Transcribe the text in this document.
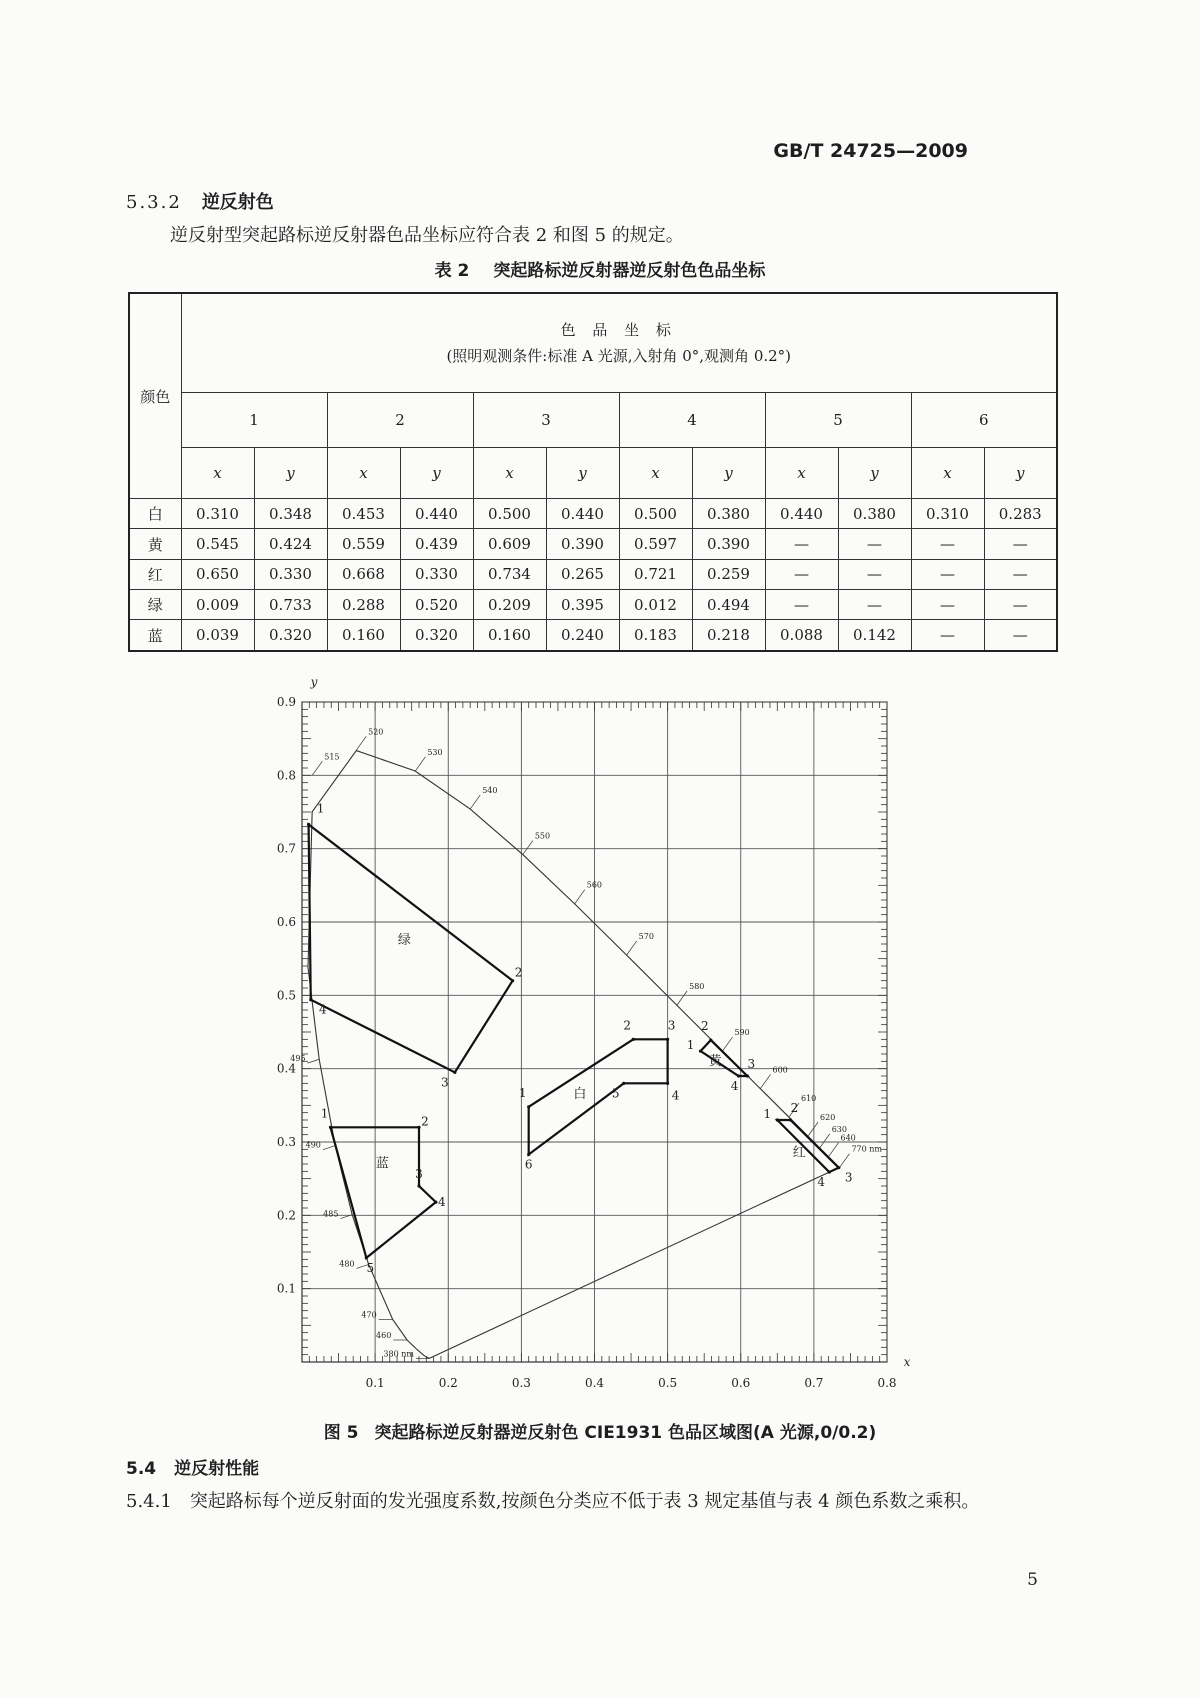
GB/T 24725—2009
5.3.2 逆反射色
逆反射型突起路标逆反射器色品坐标应符合表 2 和图 5 的规定。
表 2 突起路标逆反射器逆反射色色品坐标
颜色	色 品 坐 标
(照明观测条件:标准 A 光源,入射角 0°,观测角 0.2°)											

	1		2		3		4		5		6	
	x	y	x	y	x	y	x	y	x	y	x	y
白	0.310	0.348	0.453	0.440	0.500	0.440	0.500	0.380	0.440	0.380	0.310	0.283
黄	0.545	0.424	0.559	0.439	0.609	0.390	0.597	0.390	—	—	—	—
红	0.650	0.330	0.668	0.330	0.734	0.265	0.721	0.259	—	—	—	—
绿	0.009	0.733	0.288	0.520	0.209	0.395	0.012	0.494	—	—	—	—
蓝	0.039	0.320	0.160	0.320	0.160	0.240	0.183	0.218	0.088	0.142	—	—
0.1	0.2	0.3	0.4	0.5	0.6	0.7	0.8
0.1
0.2
0.3
0.4
0.5
0.6
0.7
0.8
0.9
x
y
380 nm
460
470
480
485
490
495
515
520
530
540
550
560
570
580
590
600
610
620
630
640
770 nm
1
2	3
4
5
6
白
1
2
3
4
黄
1 2
3
4
红
1
2
3
4
绿
1
2
3
4
5
蓝
图 5 突起路标逆反射器逆反射色 CIE1931 色品区域图(A 光源,0/0.2)
5.4 逆反射性能
5.4.1 突起路标每个逆反射面的发光强度系数,按颜色分类应不低于表 3 规定基值与表 4 颜色系数之乘积。
5
